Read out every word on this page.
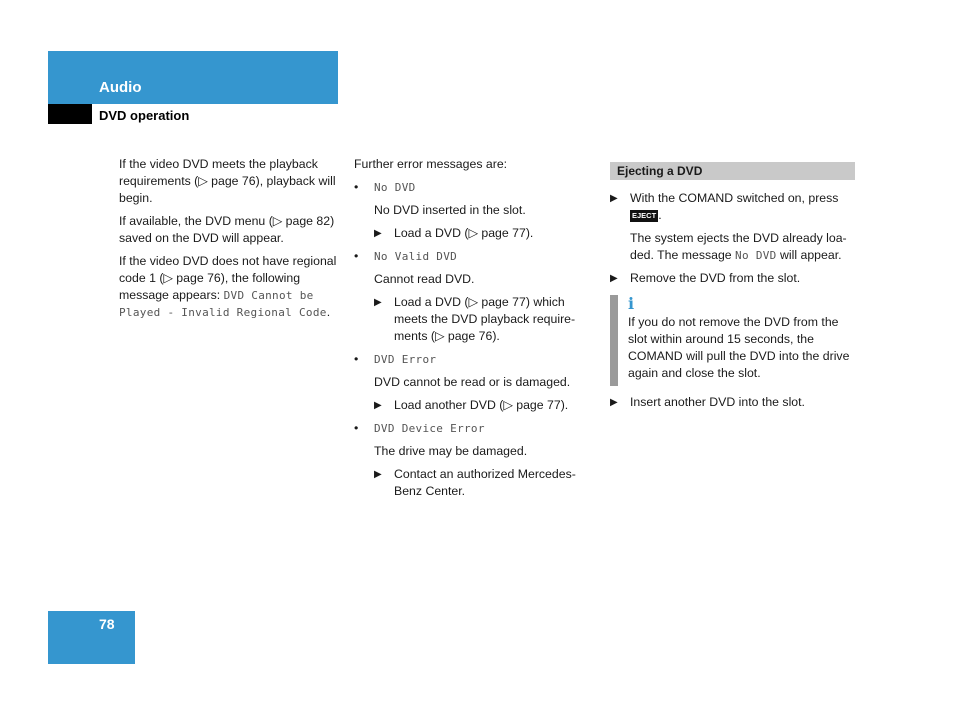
Audio
DVD operation

If the video DVD meets the playback requirements (▷ page 76), playback will begin.

If available, the DVD menu (▷ page 82) saved on the DVD will appear.

If the video DVD does not have regional code 1 (▷ page 76), the following message appears: DVD Cannot be Played - Invalid Regional Code.

Further error messages are:

• No DVD
No DVD inserted in the slot.
▶ Load a DVD (▷ page 77).
• No Valid DVD
Cannot read DVD.
▶ Load a DVD (▷ page 77) which meets the DVD playback require-ments (▷ page 76).
• DVD Error
DVD cannot be read or is damaged.
▶ Load another DVD (▷ page 77).
• DVD Device Error
The drive may be damaged.
▶ Contact an authorized Mercedes-Benz Center.
Ejecting a DVD
▶ With the COMAND switched on, press
EJECT .
The system ejects the DVD already loa-ded. The message No DVD will appear.
▶ Remove the DVD from the slot.
i
If you do not remove the DVD from the slot within around 15 seconds, the COMAND will pull the DVD into the drive again and close the slot.
▶ Insert another DVD into the slot.
78
